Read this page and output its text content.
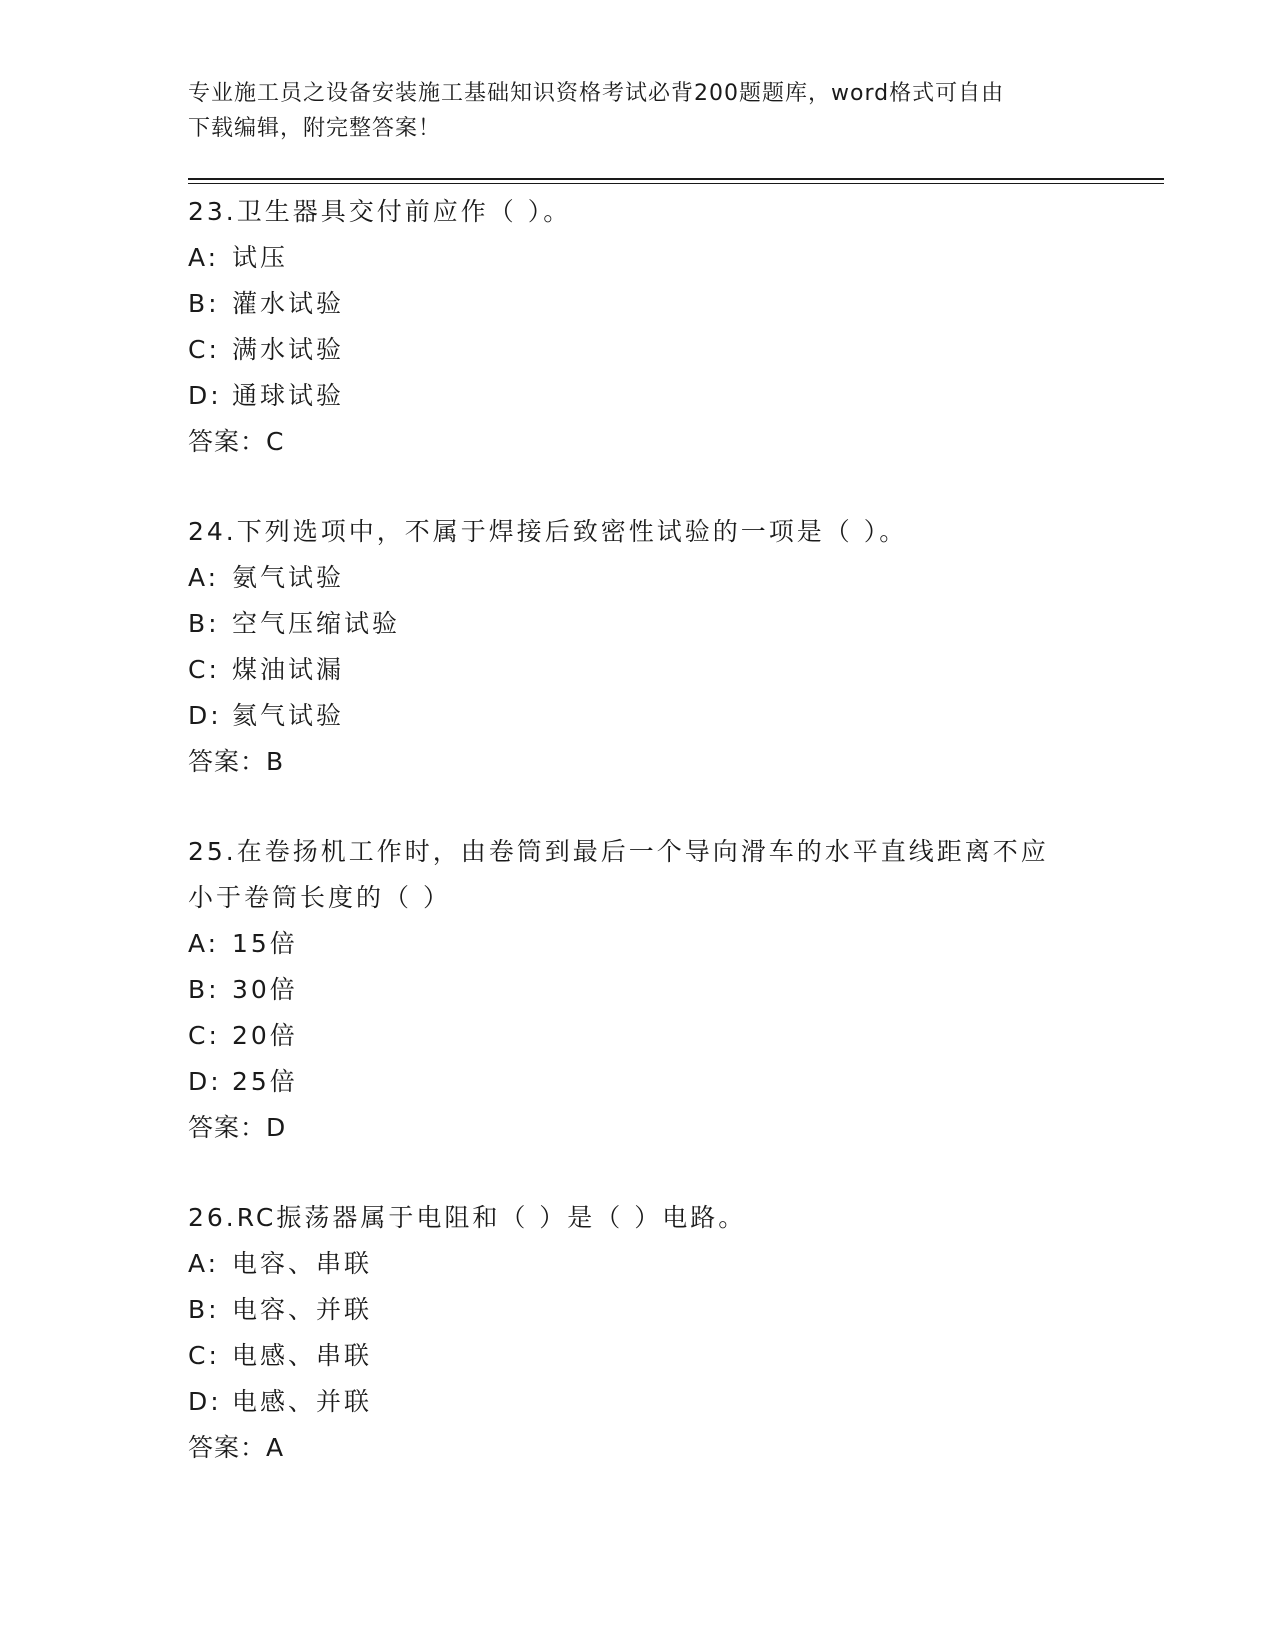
专业施工员之设备安装施工基础知识资格考试必背200题题库，word格式可自由
下载编辑，附完整答案！
23.卫生器具交付前应作（ ）。
A: 试压
B: 灌水试验
C: 满水试验
D: 通球试验
答案：C
24.下列选项中，不属于焊接后致密性试验的一项是（ ）。
A: 氨气试验
B: 空气压缩试验
C: 煤油试漏
D: 氦气试验
答案：B
25.在卷扬机工作时，由卷筒到最后一个导向滑车的水平直线距离不应
小于卷筒长度的（ ）
A: 15倍
B: 30倍
C: 20倍
D: 25倍
答案：D
26.RC振荡器属于电阻和（ ）是（ ）电路。
A: 电容、串联
B: 电容、并联
C: 电感、串联
D: 电感、并联
答案：A
